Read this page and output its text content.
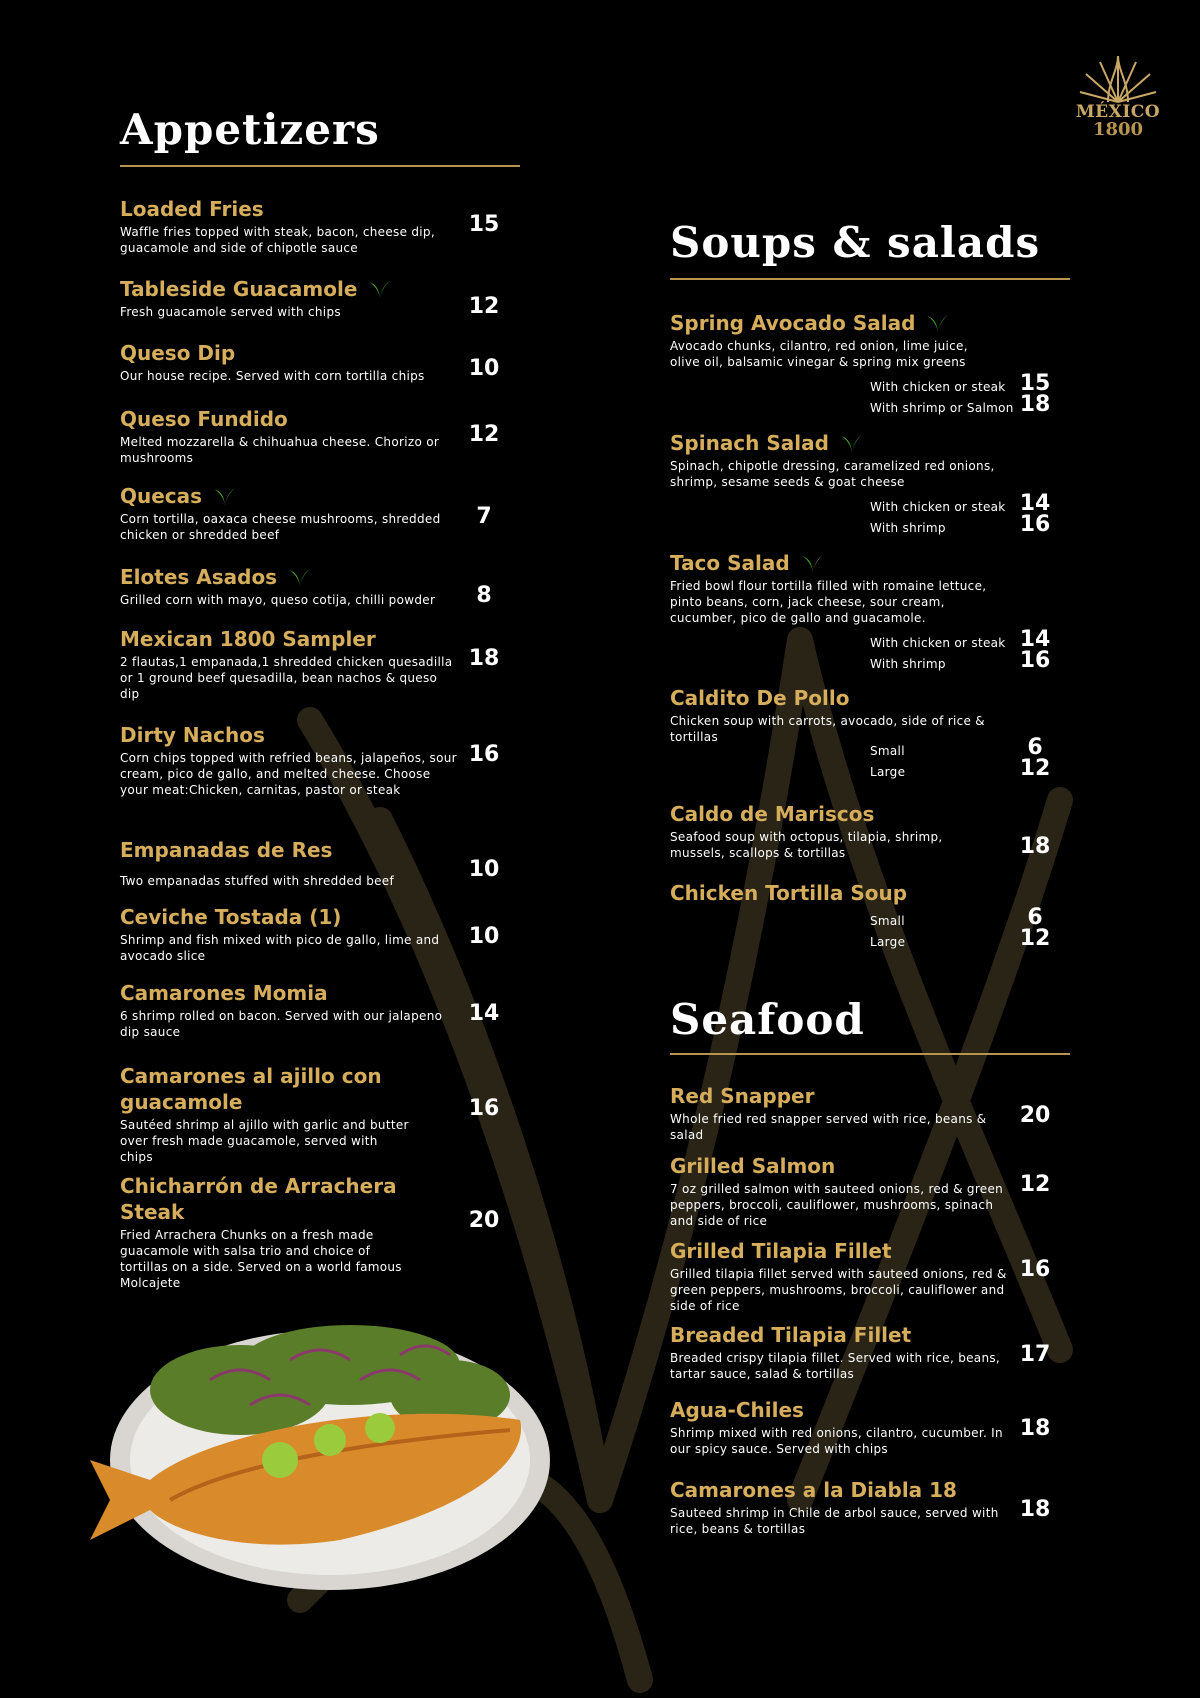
MÉXICO
1800
Appetizers
Loaded Fries
Waffle fries topped with steak, bacon, cheese dip, guacamole and side of chipotle sauce
15
Tableside Guacamole
Fresh guacamole served with chips	12
Queso Dip
Our house recipe. Served with corn tortilla chips	10
Queso Fundido
Melted mozzarella & chihuahua cheese. Chorizo or mushrooms
12
Quecas
Corn tortilla, oaxaca cheese mushrooms, shredded chicken or shredded beef
7
Elotes Asados
Grilled corn with mayo, queso cotija, chilli powder	8
Mexican 1800 Sampler
2 flautas,1 empanada,1 shredded chicken quesadilla or 1 ground beef quesadilla, bean nachos & queso dip
18
Dirty Nachos
Corn chips topped with refried beans, jalapeños, sour cream, pico de gallo, and melted cheese. Choose your meat:Chicken, carnitas, pastor or steak
16
Empanadas de Res
Two empanadas stuffed with shredded beef	10
Ceviche Tostada (1)
Shrimp and fish mixed with pico de gallo, lime and avocado slice
10
Camarones Momia
6 shrimp rolled on bacon. Served with our jalapeno dip sauce
14
Camarones al ajillo con guacamole
Sautéed shrimp al ajillo with garlic and butter over fresh made guacamole, served with chips
16
Chicharrón de Arrachera Steak
Fried Arrachera Chunks on a fresh made guacamole with salsa trio and choice of tortillas on a side. Served on a world famous Molcajete
20
Soups & salads
Spring Avocado Salad
Avocado chunks, cilantro, red onion, lime juice, olive oil, balsamic vinegar & spring mix greens
With chicken or steak 15
With shrimp or Salmon 18
Spinach Salad
Spinach, chipotle dressing, caramelized red onions, shrimp, sesame seeds & goat cheese
With chicken or steak 14
With shrimp	16
Taco Salad
Fried bowl flour tortilla filled with romaine lettuce, pinto beans, corn, jack cheese, sour cream, cucumber, pico de gallo and guacamole.
With chicken or steak 14
With shrimp	16
Caldito De Pollo
Chicken soup with carrots, avocado, side of rice & tortillas
Small	6
Large	12
Caldo de Mariscos
Seafood soup with octopus, tilapia, shrimp, mussels, scallops & tortillas	18
Chicken Tortilla Soup
Small	6
Large	12
Seafood
Red Snapper
Whole fried red snapper served with rice, beans & salad
20
Grilled Salmon
7 oz grilled salmon with sauteed onions, red & green peppers, broccoli, cauliflower, mushrooms, spinach and side of rice
12
Grilled Tilapia Fillet
Grilled tilapia fillet served with sauteed onions, red & green peppers, mushrooms, broccoli, cauliflower and side of rice
16
Breaded Tilapia Fillet
Breaded crispy tilapia fillet. Served with rice, beans, tartar sauce, salad & tortillas
17
Agua-Chiles
Shrimp mixed with red onions, cilantro, cucumber. In our spicy sauce. Served with chips
18
Camarones a la Diabla 18
Sauteed shrimp in Chile de arbol sauce, served with rice, beans & tortillas
18
